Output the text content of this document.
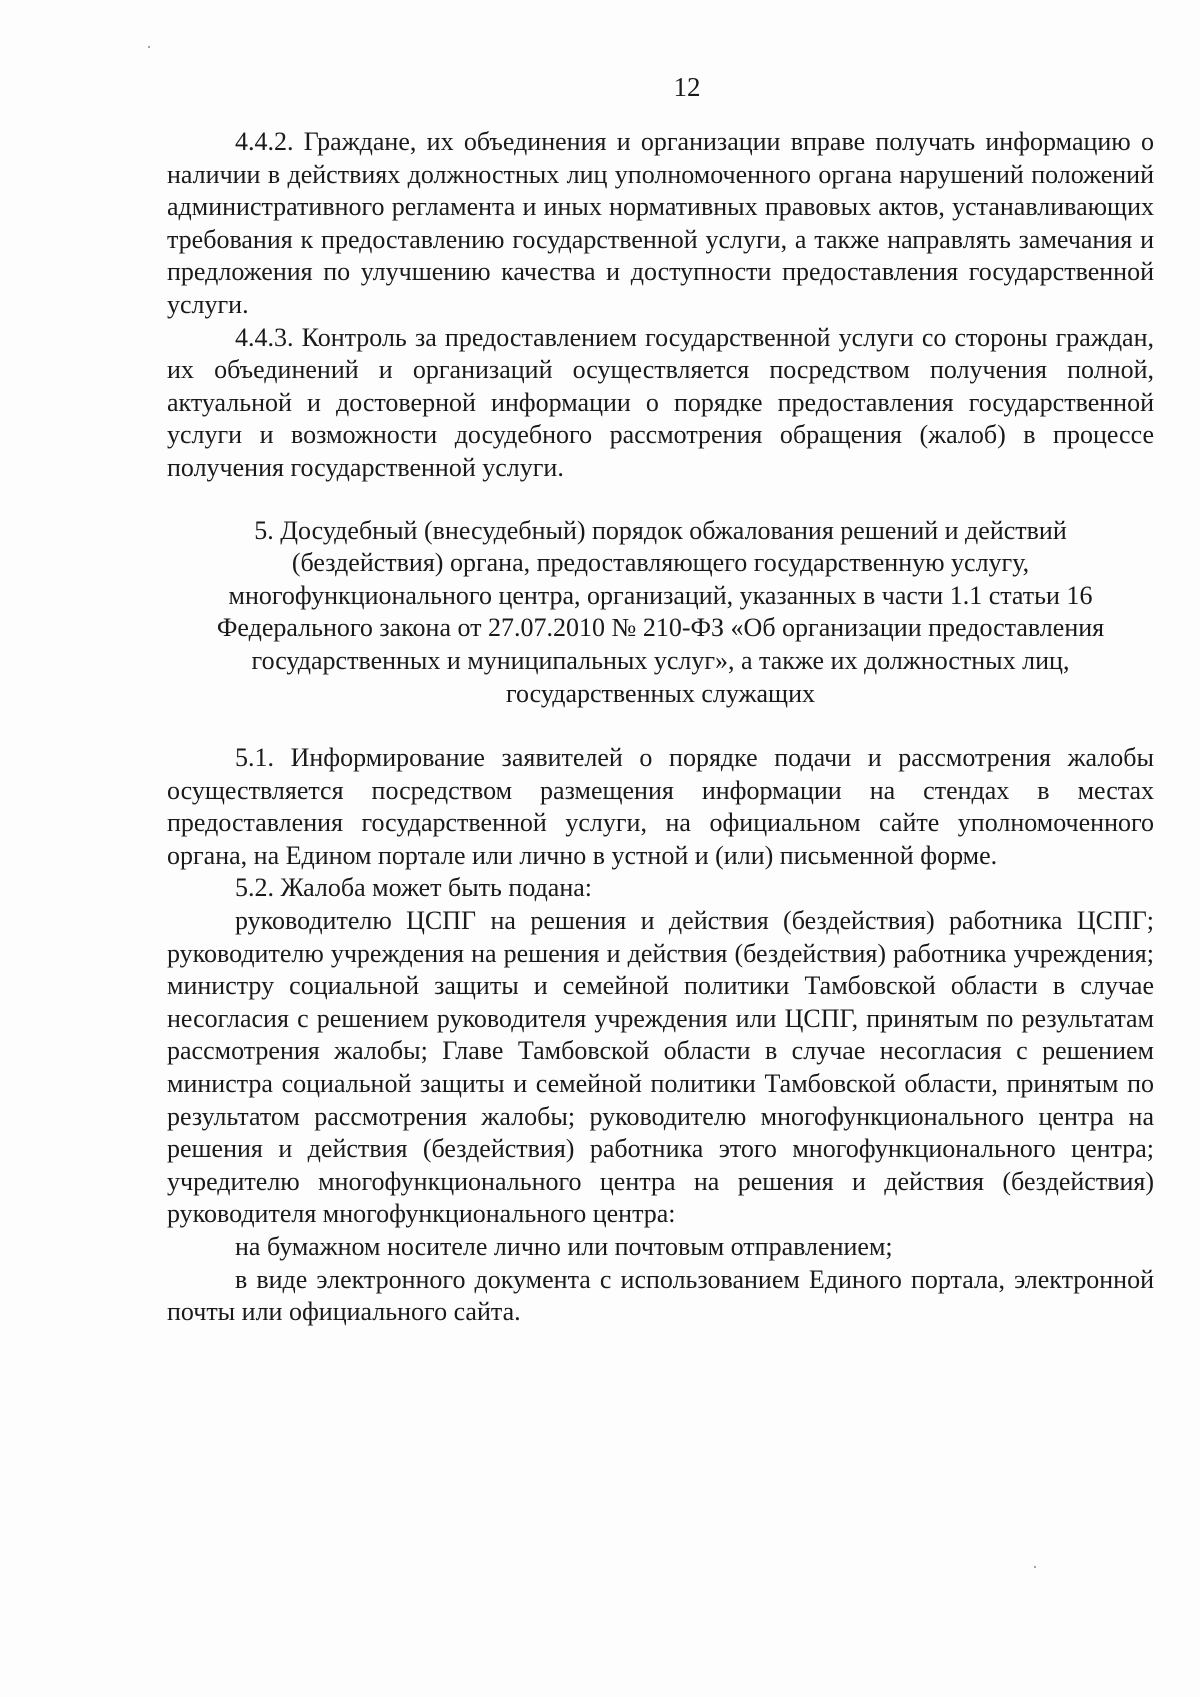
12

4.4.2. Граждане, их объединения и организации вправе получать информацию о наличии в действиях должностных лиц уполномоченного органа нарушений положений административного регламента и иных нормативных правовых актов, устанавливающих требования к предоставлению государственной услуги, а также направлять замечания и предложения по улучшению качества и доступности предоставления государственной услуги.

4.4.3. Контроль за предоставлением государственной услуги со стороны граждан, их объединений и организаций осуществляется посредством получения полной, актуальной и достоверной информации о порядке предоставления государственной услуги и возможности досудебного рассмотрения обращения (жалоб) в процессе получения государственной услуги.

5. Досудебный (внесудебный) порядок обжалования решений и действий

(бездействия) органа, предоставляющего государственную услугу,

многофункционального центра, организаций, указанных в части 1.1 статьи 16

Федерального закона от 27.07.2010 № 210-ФЗ «Об организации предоставления

государственных и муниципальных услуг», а также их должностных лиц,

государственных служащих

5.1. Информирование заявителей о порядке подачи и рассмотрения жалобы осуществляется посредством размещения информации на стендах в местах предоставления государственной услуги, на официальном сайте уполномоченного органа, на Едином портале или лично в устной и (или) письменной форме.

5.2. Жалоба может быть подана:

руководителю ЦСПГ на решения и действия (бездействия) работника ЦСПГ; руководителю учреждения на решения и действия (бездействия) работника учреждения; министру социальной защиты и семейной политики Тамбовской области в случае несогласия с решением руководителя учреждения или ЦСПГ, принятым по результатам рассмотрения жалобы; Главе Тамбовской области в случае несогласия с решением министра социальной защиты и семейной политики Тамбовской области, принятым по результатом рассмотрения жалобы; руководителю многофункционального центра на решения и действия (бездействия) работника этого многофункционального центра; учредителю многофункционального центра на решения и действия (бездействия) руководителя многофункционального центра:

на бумажном носителе лично или почтовым отправлением;

в виде электронного документа с использованием Единого портала, электронной почты или официального сайта.
